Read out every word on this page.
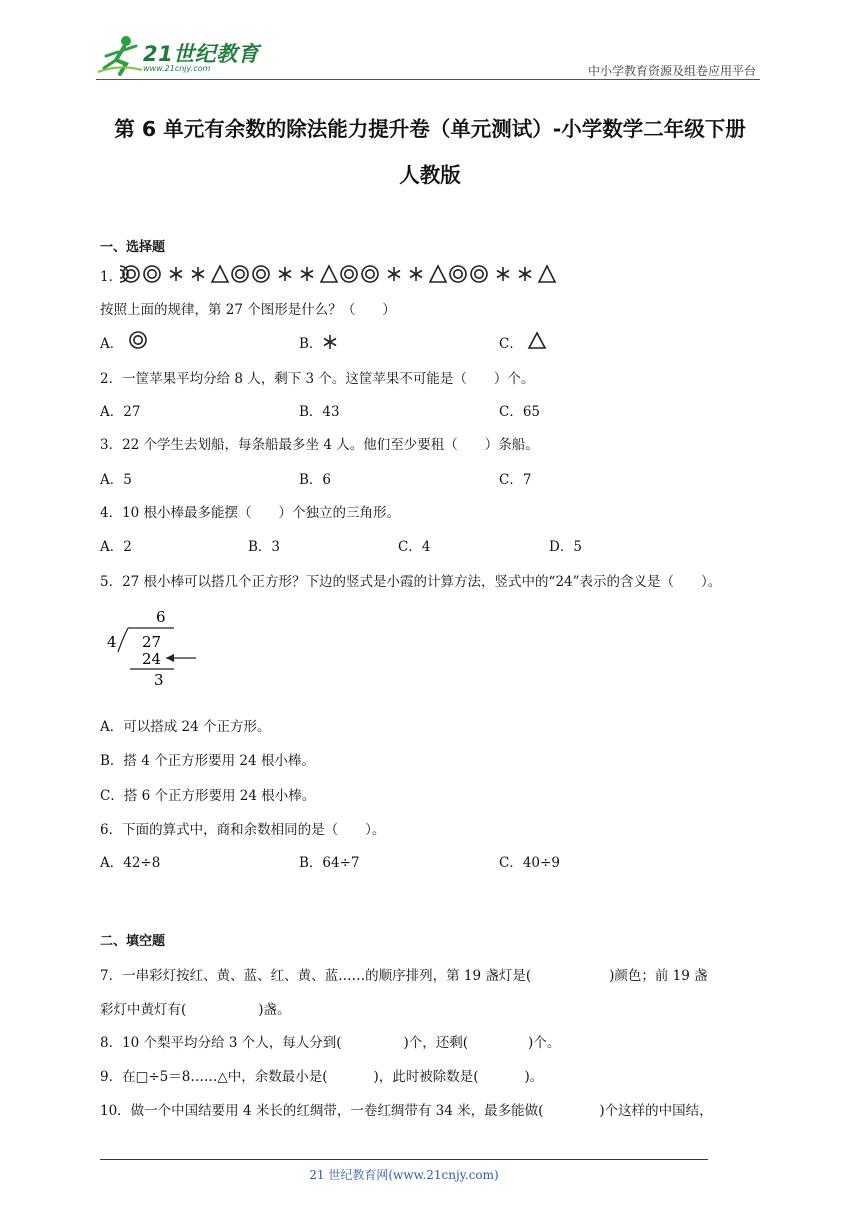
21世纪教育
www.21cnjy.com	中小学教育资源及组卷应用平台
第 6 单元有余数的除法能力提升卷（单元测试）-小学数学二年级下册
人教版
一、选择题
1．
按照上面的规律，第 27 个图形是什么？（　　）
A．	B．	C．
2．一筐苹果平均分给 8 人，剩下 3 个。这筐苹果不可能是（　　）个。
A．27	B．43	C．65
3．22 个学生去划船，每条船最多坐 4 人。他们至少要租（　　）条船。
A．5	B．6	C．7
4．10 根小棒最多能摆（　　）个独立的三角形。
A．2	B．3	C．4	D．5
5．27 根小棒可以搭几个正方形？下边的竖式是小霞的计算方法，竖式中的“24”表示的含义是（　　）。
6
4 27
24
3
A．可以搭成 24 个正方形。
B．搭 4 个正方形要用 24 根小棒。
C．搭 6 个正方形要用 24 根小棒。
6．下面的算式中，商和余数相同的是（　　）。
A．42÷8	B．64÷7	C．40÷9
二、填空题
7．一串彩灯按红、黄、蓝、红、黄、蓝……的顺序排列，第 19 盏灯是(	)颜色；前 19 盏
彩灯中黄灯有(	)盏。
8．10 个梨平均分给 3 个人，每人分到(	)个，还剩(	)个。
9．在□÷5＝8……△中，余数最小是(	)，此时被除数是(	)。
10．做一个中国结要用 4 米长的红绸带，一卷红绸带有 34 米，最多能做(	)个这样的中国结，
21 世纪教育网(www.21cnjy.com)
